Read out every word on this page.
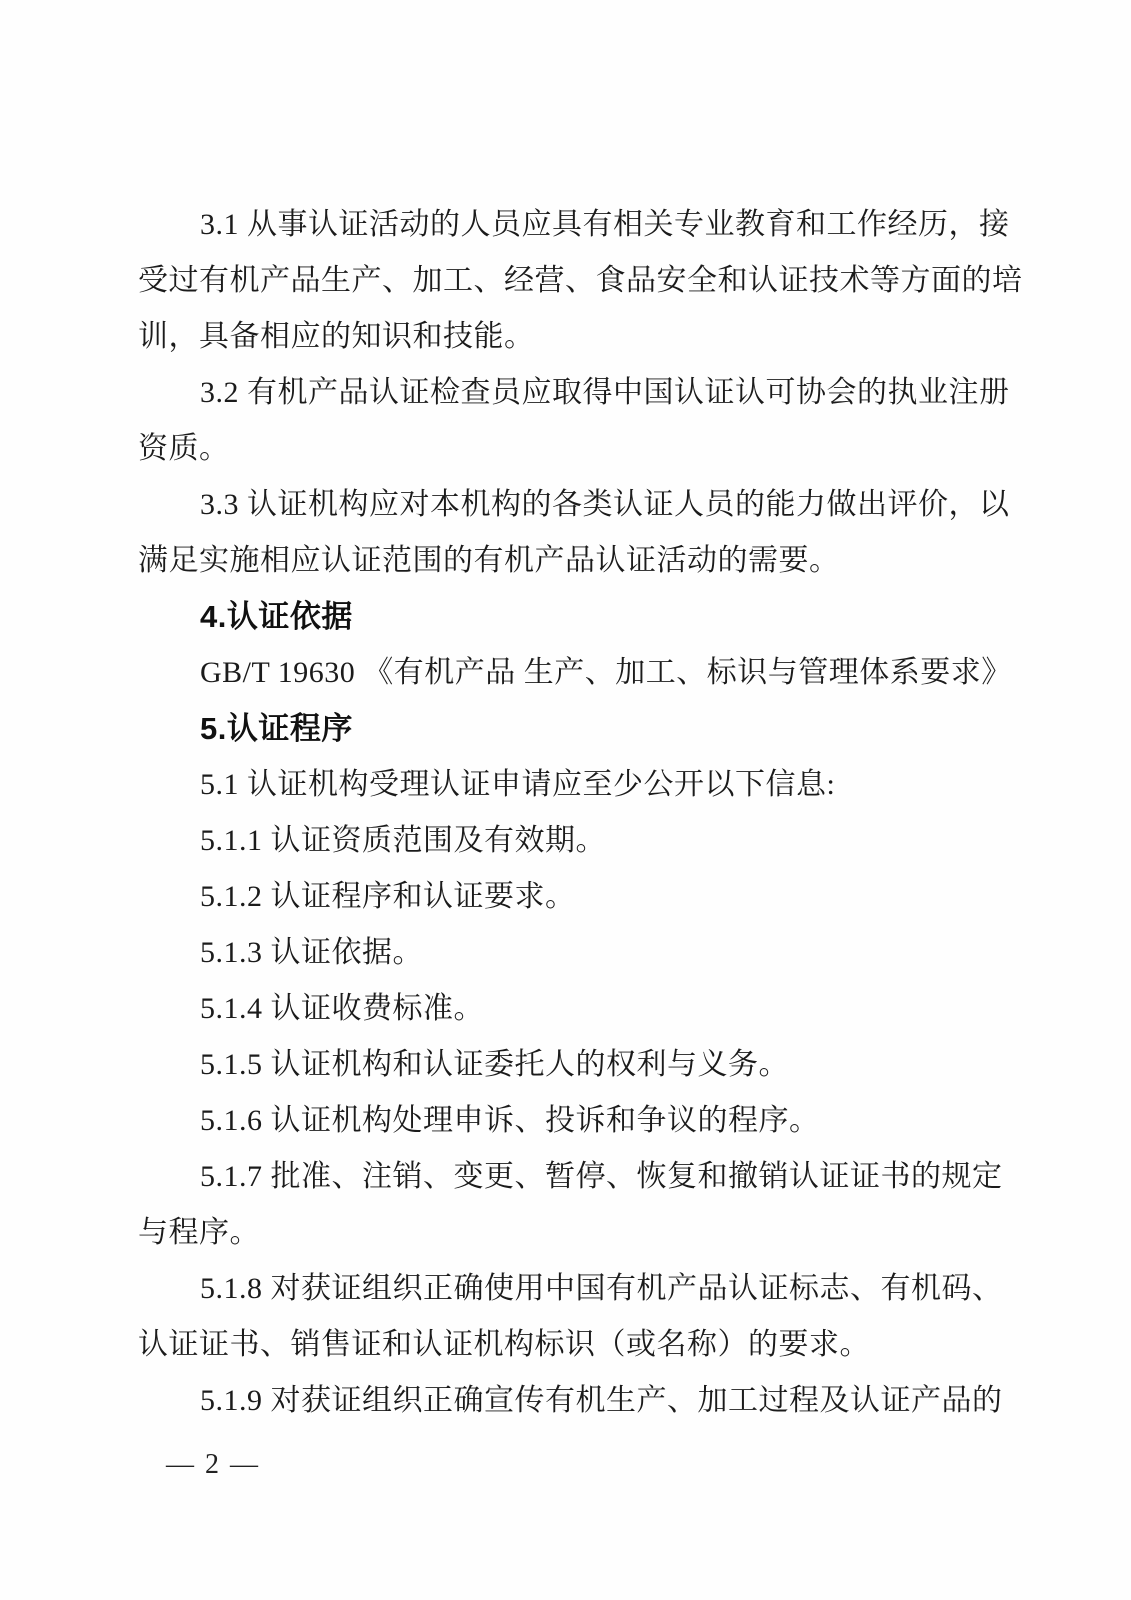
3.1 从事认证活动的人员应具有相关专业教育和工作经历，接
受过有机产品生产、加工、经营、食品安全和认证技术等方面的培
训，具备相应的知识和技能。
3.2 有机产品认证检查员应取得中国认证认可协会的执业注册
资质。
3.3 认证机构应对本机构的各类认证人员的能力做出评价，以
满足实施相应认证范围的有机产品认证活动的需要。
4.认证依据
GB/T 19630 《有机产品 生产、加工、标识与管理体系要求》
5.认证程序
5.1 认证机构受理认证申请应至少公开以下信息:
5.1.1 认证资质范围及有效期。
5.1.2 认证程序和认证要求。
5.1.3 认证依据。
5.1.4 认证收费标准。
5.1.5 认证机构和认证委托人的权利与义务。
5.1.6 认证机构处理申诉、投诉和争议的程序。
5.1.7 批准、注销、变更、暂停、恢复和撤销认证证书的规定
与程序。
5.1.8 对获证组织正确使用中国有机产品认证标志、有机码、
认证证书、销售证和认证机构标识（或名称）的要求。
5.1.9 对获证组织正确宣传有机生产、加工过程及认证产品的
— 2 —
